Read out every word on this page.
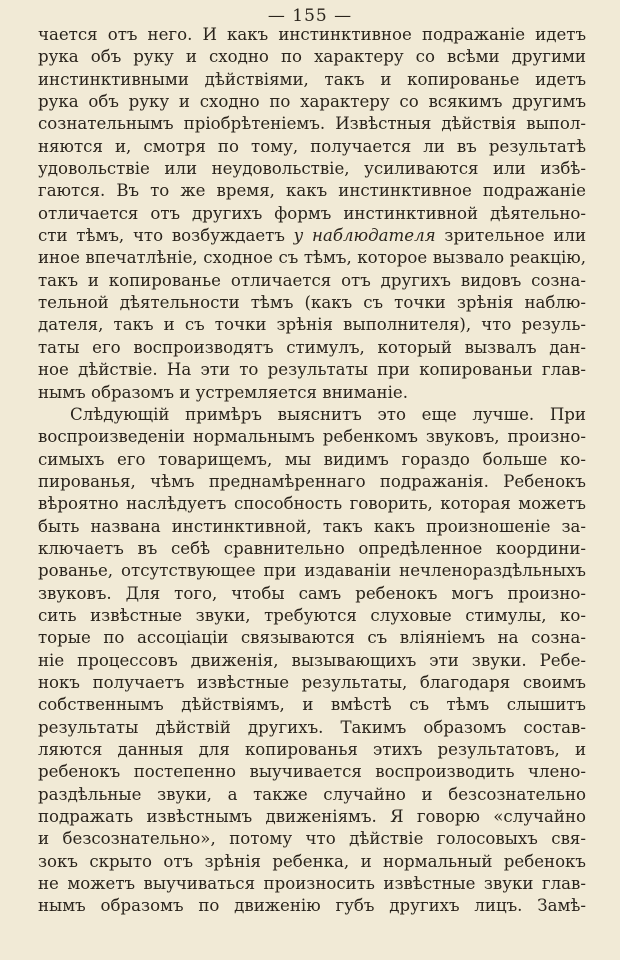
— 155 —
чается отъ него. И какъ инстинктивное подражаніе идетъ
рука объ руку и сходно по характеру со всѣми другими
инстинктивными дѣйствіями, такъ и копированье идетъ
рука объ руку и сходно по характеру со всякимъ другимъ
сознательнымъ пріобрѣтеніемъ. Извѣстныя дѣйствія выпол-
няются и, смотря по тому, получается ли въ результатѣ
удовольствіе или неудовольствіе, усиливаются или избѣ-
гаются. Въ то же время, какъ инстинктивное подражаніе
отличается отъ другихъ формъ инстинктивной дѣятельно-
сти тѣмъ, что возбуждаетъ у наблюдателя зрительное или
иное впечатлѣніе, сходное съ тѣмъ, которое вызвало реакцію,
такъ и копированье отличается отъ другихъ видовъ созна-
тельной дѣятельности тѣмъ (какъ съ точки зрѣнія наблю-
дателя, такъ и съ точки зрѣнія выполнителя), что резуль-
таты его воспроизводятъ стимулъ, который вызвалъ дан-
ное дѣйствіе. На эти то результаты при копированьи глав-
нымъ образомъ и устремляется вниманіе.
Слѣдующій примѣръ выяснитъ это еще лучше. При
воспроизведеніи нормальнымъ ребенкомъ звуковъ, произно-
симыхъ его товарищемъ, мы видимъ гораздо больше ко-
пированья, чѣмъ преднамѣреннаго подражанія. Ребенокъ
вѣроятно наслѣдуетъ способность говорить, которая можетъ
быть названа инстинктивной, такъ какъ произношеніе за-
ключаетъ въ себѣ сравнительно опредѣленное координи-
рованье, отсутствующее при издаваніи нечленораздѣльныхъ
звуковъ. Для того, чтобы самъ ребенокъ могъ произно-
сить извѣстные звуки, требуются слуховые стимулы, ко-
торые по ассоціаціи связываются съ вліяніемъ на созна-
ніе процессовъ движенія, вызывающихъ эти звуки. Ребе-
нокъ получаетъ извѣстные результаты, благодаря своимъ
собственнымъ дѣйствіямъ, и вмѣстѣ съ тѣмъ слышитъ
результаты дѣйствій другихъ. Такимъ образомъ состав-
ляются данныя для копированья этихъ результатовъ, и
ребенокъ постепенно выучивается воспроизводить члено-
раздѣльные звуки, а также случайно и безсознательно
подражать извѣстнымъ движеніямъ. Я говорю «случайно
и безсознательно», потому что дѣйствіе голосовыхъ свя-
зокъ скрыто отъ зрѣнія ребенка, и нормальный ребенокъ
не можетъ выучиваться произносить извѣстные звуки глав-
нымъ образомъ по движенію губъ другихъ лицъ. Замѣ-
